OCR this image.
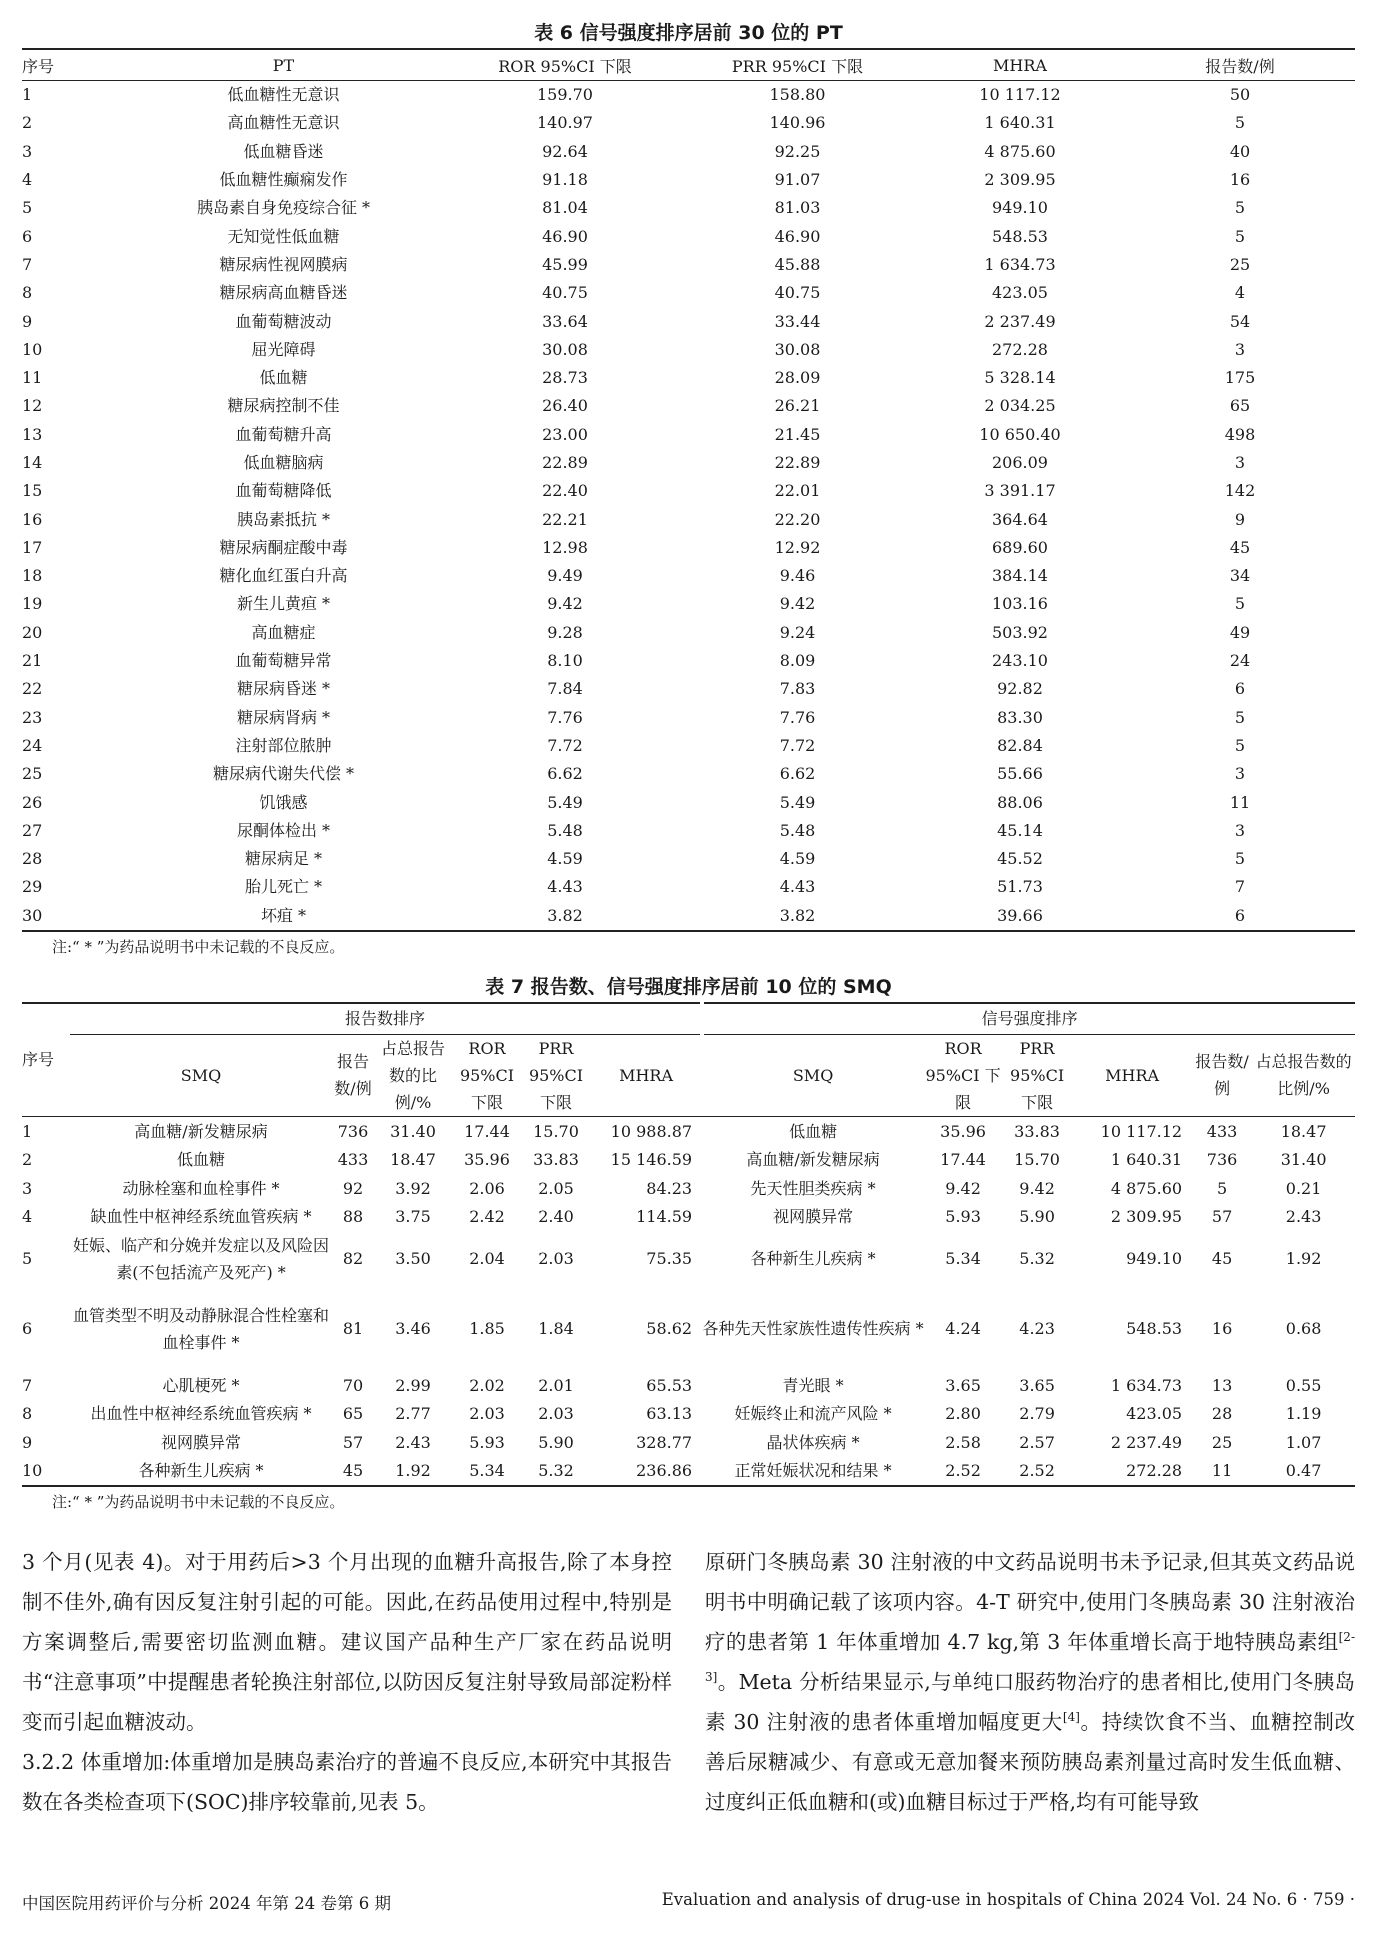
表 6 信号强度排序居前 30 位的 PT
序号	PT	ROR 95%CI 下限	PRR 95%CI 下限	MHRA	报告数/例
1	低血糖性无意识	159.70	158.80	10 117.12	50
2	高血糖性无意识	140.97	140.96	1 640.31	5
3	低血糖昏迷	92.64	92.25	4 875.60	40
4	低血糖性癫痫发作	91.18	91.07	2 309.95	16
5	胰岛素自身免疫综合征 *	81.04	81.03	949.10	5
6	无知觉性低血糖	46.90	46.90	548.53	5
7	糖尿病性视网膜病	45.99	45.88	1 634.73	25
8	糖尿病高血糖昏迷	40.75	40.75	423.05	4
9	血葡萄糖波动	33.64	33.44	2 237.49	54
10	屈光障碍	30.08	30.08	272.28	3
11	低血糖	28.73	28.09	5 328.14	175
12	糖尿病控制不佳	26.40	26.21	2 034.25	65
13	血葡萄糖升高	23.00	21.45	10 650.40	498
14	低血糖脑病	22.89	22.89	206.09	3
15	血葡萄糖降低	22.40	22.01	3 391.17	142
16	胰岛素抵抗 *	22.21	22.20	364.64	9
17	糖尿病酮症酸中毒	12.98	12.92	689.60	45
18	糖化血红蛋白升高	9.49	9.46	384.14	34
19	新生儿黄疸 *	9.42	9.42	103.16	5
20	高血糖症	9.28	9.24	503.92	49
21	血葡萄糖异常	8.10	8.09	243.10	24
22	糖尿病昏迷 *	7.84	7.83	92.82	6
23	糖尿病肾病 *	7.76	7.76	83.30	5
24	注射部位脓肿	7.72	7.72	82.84	5
25	糖尿病代谢失代偿 *	6.62	6.62	55.66	3
26	饥饿感	5.49	5.49	88.06	11
27	尿酮体检出 *	5.48	5.48	45.14	3
28	糖尿病足 *	4.59	4.59	45.52	5
29	胎儿死亡 *	4.43	4.43	51.73	7
30	坏疽 *	3.82	3.82	39.66	6
注:“ * ”为药品说明书中未记载的不良反应。
表 7 报告数、信号强度排序居前 10 位的 SMQ
序号	报告数排序						信号强度排序					
	SMQ	报告数/例	占总报告数的比例/%	ROR 95%CI 下限	PRR 95%CI 下限	MHRA	SMQ	ROR 95%CI 下限	PRR 95%CI 下限	MHRA	报告数/例	占总报告数的比例/%
1	高血糖/新发糖尿病	736	31.40	17.44	15.70	10 988.87	低血糖	35.96	33.83	10 117.12	433	18.47
2	低血糖	433	18.47	35.96	33.83	15 146.59	高血糖/新发糖尿病	17.44	15.70	1 640.31	736	31.40
3	动脉栓塞和血栓事件 *	92	3.92	2.06	2.05	84.23	先天性胆类疾病 *	9.42	9.42	4 875.60	5	0.21
4	缺血性中枢神经系统血管疾病 *	88	3.75	2.42	2.40	114.59	视网膜异常	5.93	5.90	2 309.95	57	2.43
5	妊娠、临产和分娩并发症以及风险因素(不包括流产及死产) *	82	3.50	2.04	2.03	75.35	各种新生儿疾病 *	5.34	5.32	949.10	45	1.92
6	血管类型不明及动静脉混合性栓塞和血栓事件 *	81	3.46	1.85	1.84	58.62	各种先天性家族性遗传性疾病 *	4.24	4.23	548.53	16	0.68
7	心肌梗死 *	70	2.99	2.02	2.01	65.53	青光眼 *	3.65	3.65	1 634.73	13	0.55
8	出血性中枢神经系统血管疾病 *	65	2.77	2.03	2.03	63.13	妊娠终止和流产风险 *	2.80	2.79	423.05	28	1.19
9	视网膜异常	57	2.43	5.93	5.90	328.77	晶状体疾病 *	2.58	2.57	2 237.49	25	1.07
10	各种新生儿疾病 *	45	1.92	5.34	5.32	236.86	正常妊娠状况和结果 *	2.52	2.52	272.28	11	0.47
注:“ * ”为药品说明书中未记载的不良反应。

3 个月(见表 4)。对于用药后>3 个月出现的血糖升高报告,除了本身控制不佳外,确有因反复注射引起的可能。因此,在药品使用过程中,特别是方案调整后,需要密切监测血糖。建议国产品种生产厂家在药品说明书“注意事项”中提醒患者轮换注射部位,以防因反复注射导致局部淀粉样变而引起血糖波动。

3.2.2 体重增加:体重增加是胰岛素治疗的普遍不良反应,本研究中其报告数在各类检查项下(SOC)排序较靠前,见表 5。

原研门冬胰岛素 30 注射液的中文药品说明书未予记录,但其英文药品说明书中明确记载了该项内容。4-T 研究中,使用门冬胰岛素 30 注射液治疗的患者第 1 年体重增加 4.7 kg,第 3 年体重增长高于地特胰岛素组[2-3]。Meta 分析结果显示,与单纯口服药物治疗的患者相比,使用门冬胰岛素 30 注射液的患者体重增加幅度更大[4]。持续饮食不当、血糖控制改善后尿糖减少、有意或无意加餐来预防胰岛素剂量过高时发生低血糖、过度纠正低血糖和(或)血糖目标过于严格,均有可能导致

中国医院用药评价与分析 2024 年第 24 卷第 6 期	Evaluation and analysis of drug-use in hospitals of China 2024 Vol. 24 No. 6 · 759 ·
